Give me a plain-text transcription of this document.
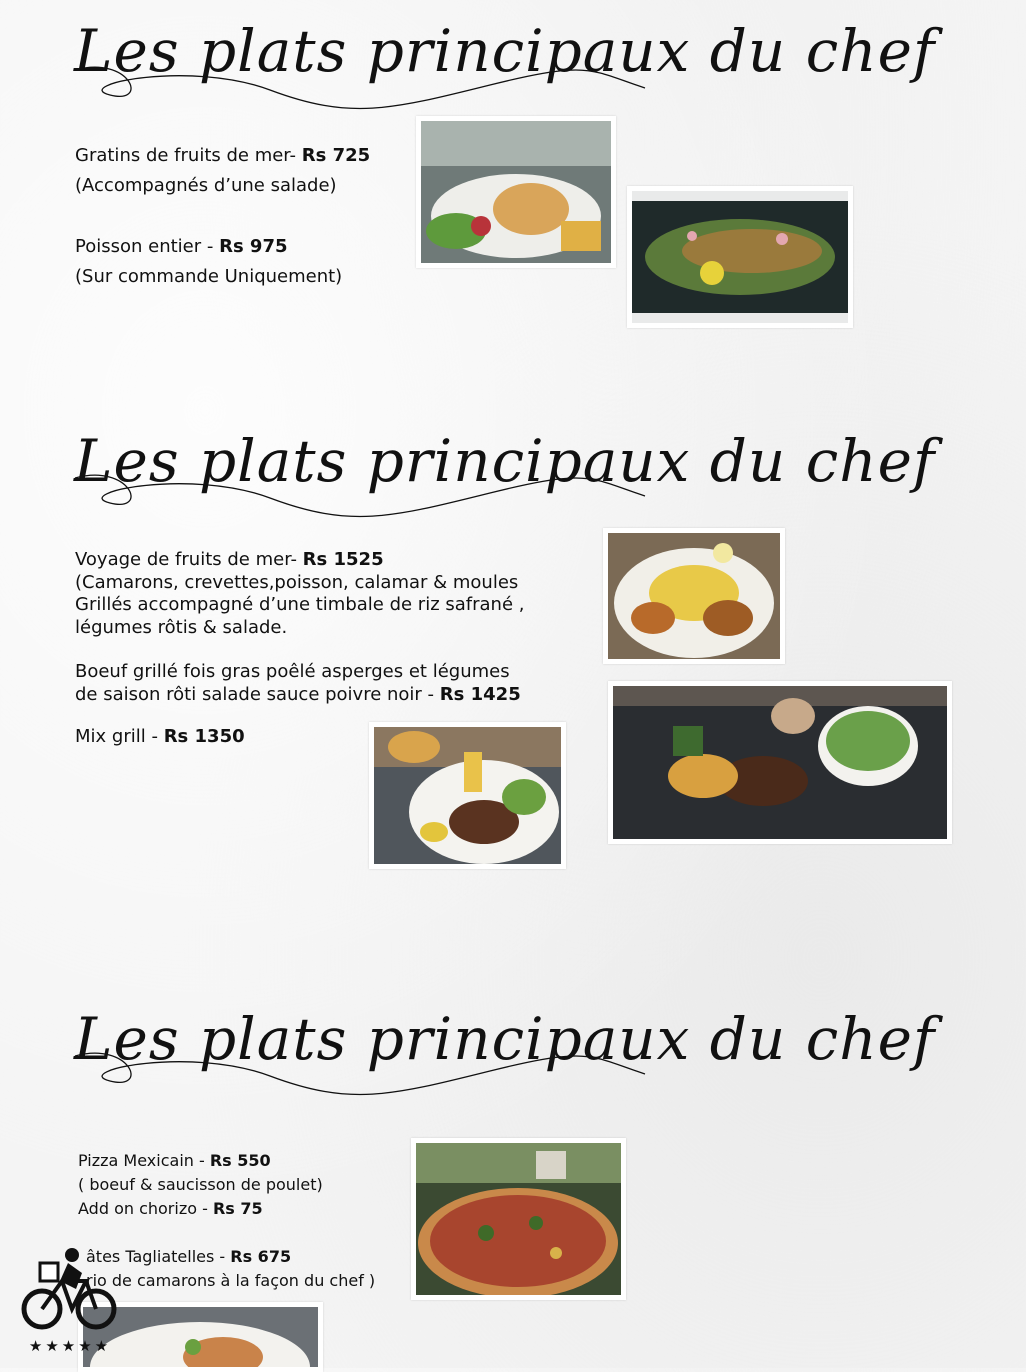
Les plats principaux du chef
Gratins de fruits de mer- Rs 725
(Accompagnés d’une salade)
Poisson entier - Rs 975
(Sur commande Uniquement)
Les plats principaux du chef
Voyage de fruits de mer- Rs 1525
(Camarons, crevettes,poisson, calamar & moules
Grillés accompagné d’une timbale de riz safrané ,
légumes rôtis & salade.
Boeuf grillé fois gras poêlé asperges et légumes
de saison rôti salade sauce poivre noir - Rs 1425
Mix grill - Rs 1350
Les plats principaux du chef
Pizza Mexicain - Rs 550
( boeuf & saucisson de poulet)
Add on chorizo - Rs 75
âtes Tagliatelles - Rs 675
rio de camarons à la façon du chef )
★★★★★
